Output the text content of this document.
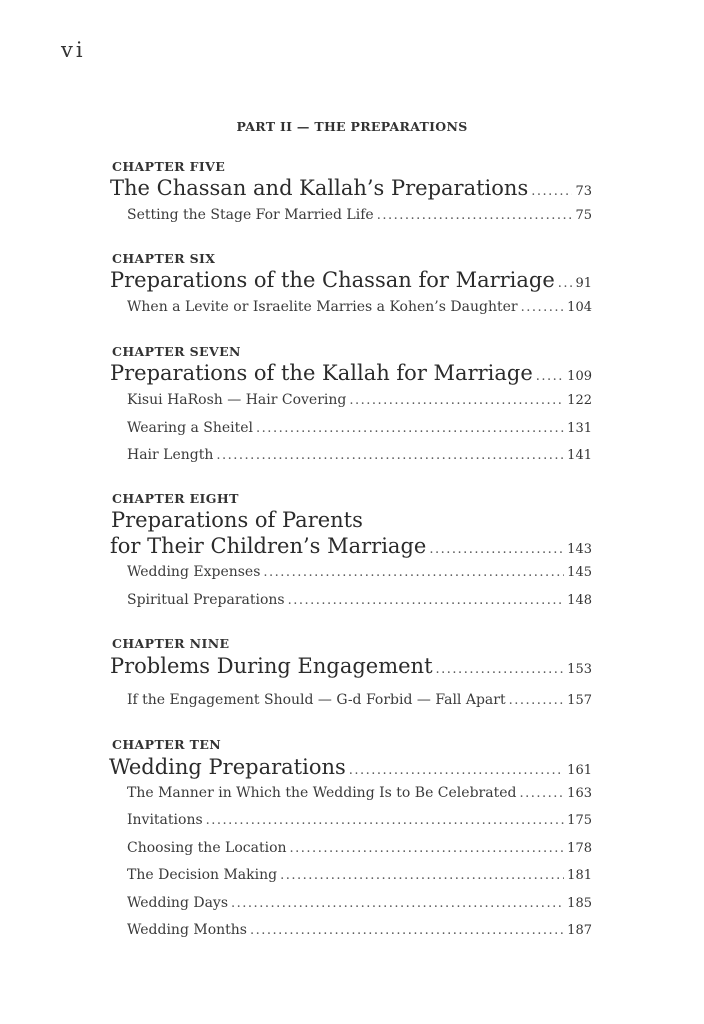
vi
PART II — THE PREPARATIONS
CHAPTER FIVE
The Chassan and Kallah’s Preparations .....	73
Setting the Stage For Married Life .....	75
CHAPTER SIX
Preparations of the Chassan for Marriage ..... 91
When a Levite or Israelite Marries a Kohen’s Daughter .....	104
CHAPTER SEVEN
Preparations of the Kallah for Marriage .....	109
Kisui HaRosh — Hair Covering .....	122
Wearing a Sheitel .....	131
Hair Length .....	141
CHAPTER EIGHT
Preparations of Parents
for Their Children’s Marriage .....	143
Wedding Expenses .....	145
Spiritual Preparations .....	148
CHAPTER NINE
Problems During Engagement .....	153
If the Engagement Should — G-d Forbid — Fall Apart .....	157
CHAPTER TEN
Wedding Preparations .....	161
The Manner in Which the Wedding Is to Be Celebrated .....	163
Invitations .....	175
Choosing the Location .....	178
The Decision Making .....	181
Wedding Days .....	185
Wedding Months .....	187
